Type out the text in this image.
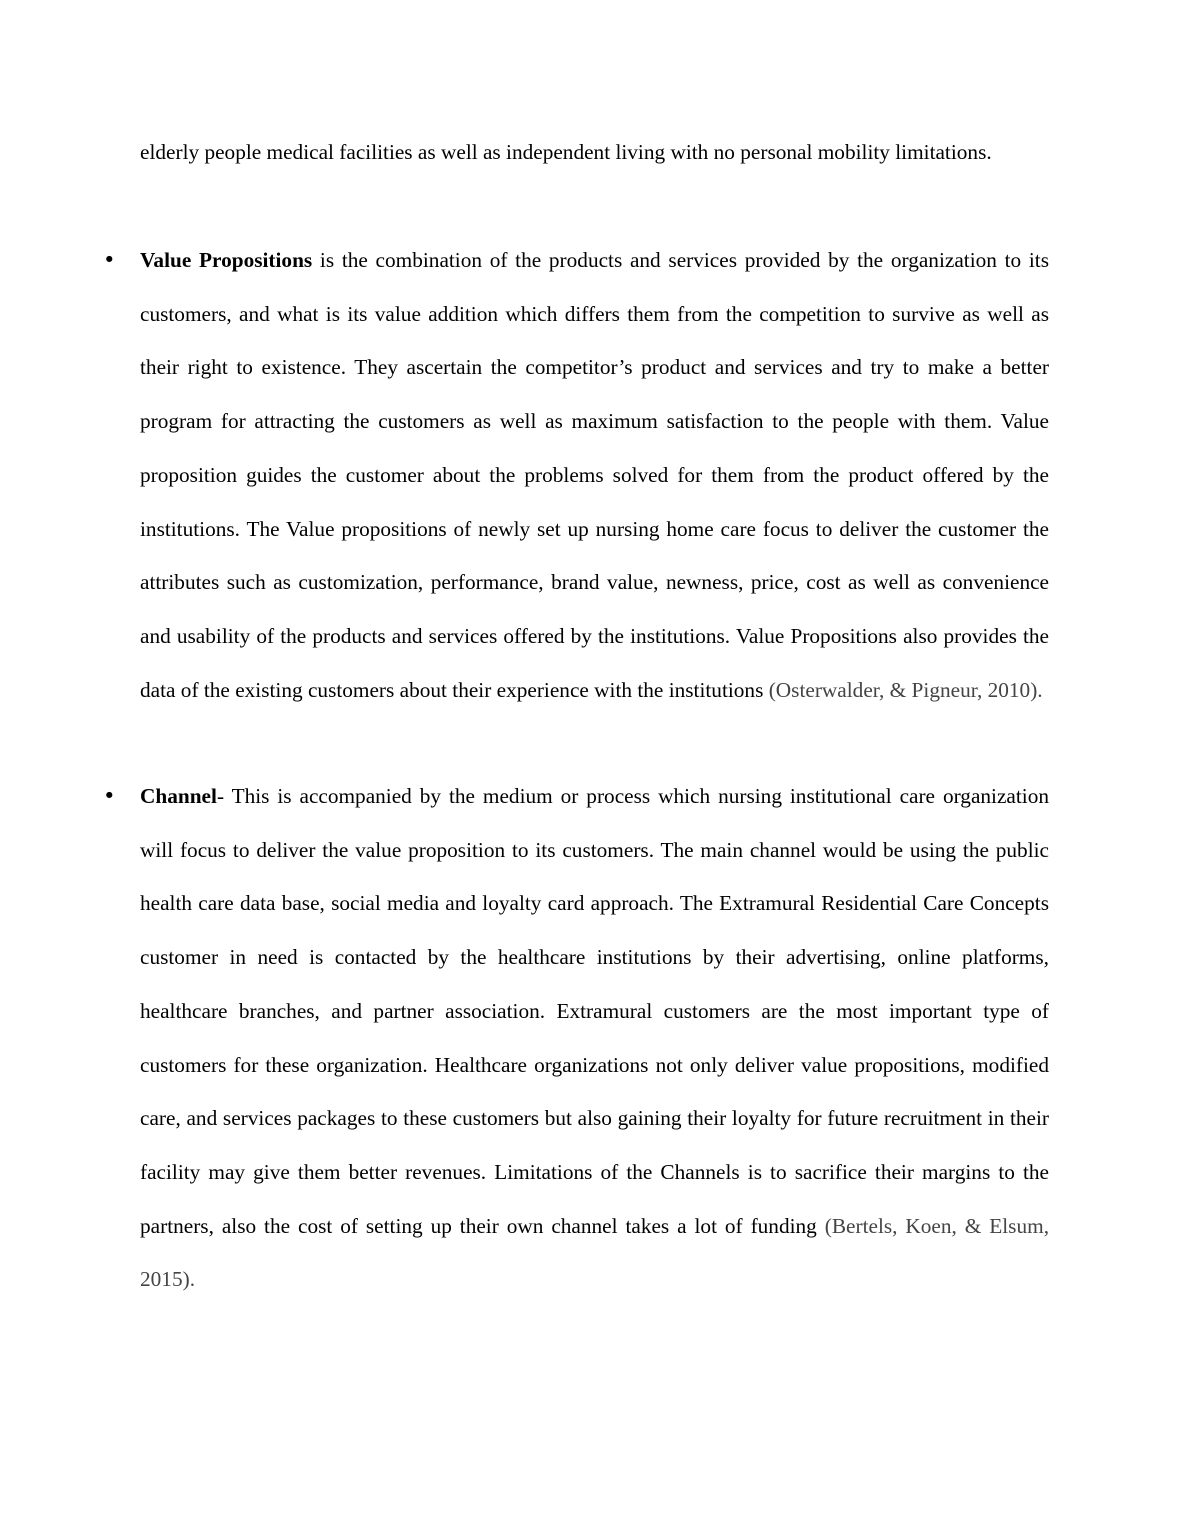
elderly people medical facilities as well as independent living with no personal mobility limitations.
• Value Propositions is the combination of the products and services provided by the organization to its customers, and what is its value addition which differs them from the competition to survive as well as their right to existence. They ascertain the competitor’s product and services and try to make a better program for attracting the customers as well as maximum satisfaction to the people with them. Value proposition guides the customer about the problems solved for them from the product offered by the institutions. The Value propositions of newly set up nursing home care focus to deliver the customer the attributes such as customization, performance, brand value, newness, price, cost as well as convenience and usability of the products and services offered by the institutions. Value Propositions also provides the data of the existing customers about their experience with the institutions (Osterwalder, & Pigneur, 2010).
• Channel- This is accompanied by the medium or process which nursing institutional care organization will focus to deliver the value proposition to its customers. The main channel would be using the public health care data base, social media and loyalty card approach. The Extramural Residential Care Concepts customer in need is contacted by the healthcare institutions by their advertising, online platforms, healthcare branches, and partner association. Extramural customers are the most important type of customers for these organization. Healthcare organizations not only deliver value propositions, modified care, and services packages to these customers but also gaining their loyalty for future recruitment in their facility may give them better revenues. Limitations of the Channels is to sacrifice their margins to the partners, also the cost of setting up their own channel takes a lot of funding (Bertels, Koen, & Elsum, 2015).
